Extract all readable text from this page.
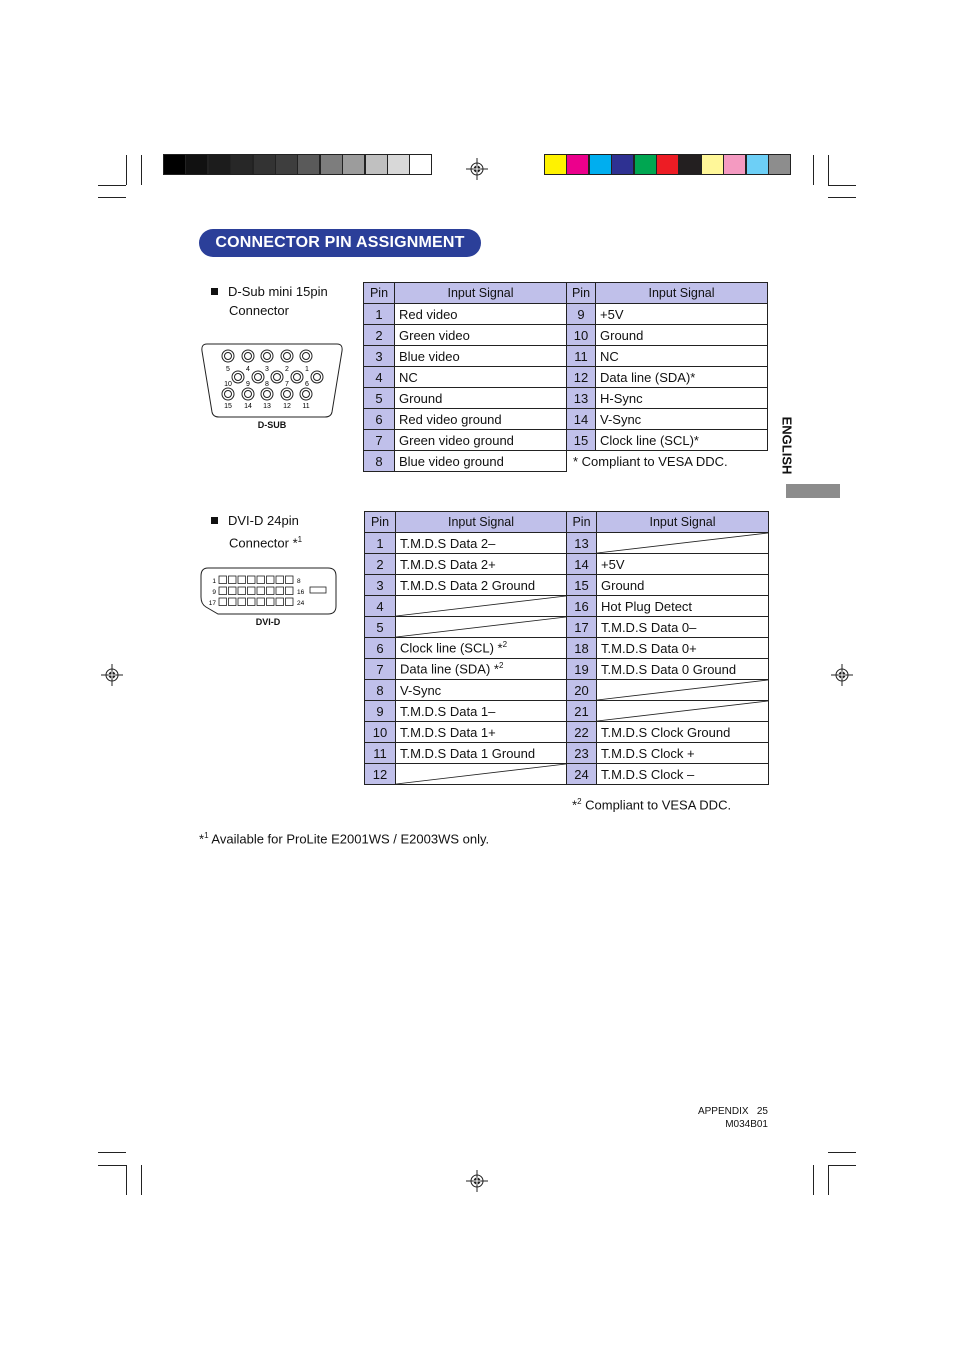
CONNECTOR PIN ASSIGNMENT
ENGLISH
D-Sub mini 15pin
Connector
5 4 3 2 1
10 9 8 7 6
15 14 13 12 11
D-SUB
Pin	Input Signal	Pin	Input Signal
1	Red video	9	+5V
2	Green video	10	Ground
3	Blue video	11	NC
4	NC	12	Data line (SDA)*
5	Ground	13	H-Sync
6	Red video ground	14	V-Sync
7	Green video ground	15	Clock line (SCL)*
8	Blue video ground	* Compliant to VESA DDC.	
DVI-D 24pin
Connector *$^1$
1	8
9	16
17	24
DVI-D
Pin	Input Signal	Pin	Input Signal
1	T.M.D.S Data 2–	13	

2	T.M.D.S Data 2+	14	+5V
3	T.M.D.S Data 2 Ground	15	Ground
4		16	Hot Plug Detect
5		17	T.M.D.S Data 0–
6	Clock line (SCL) *$^2$	18	T.M.D.S Data 0+
7	Data line (SDA) *$^2$	19	T.M.D.S Data 0 Ground
8	V-Sync	20	

9	T.M.D.S Data 1–	21	

10	T.M.D.S Data 1+	22	T.M.D.S Clock Ground
11	T.M.D.S Data 1 Ground	23	T.M.D.S Clock +
12		24	T.M.D.S Clock –
*$^2$ Compliant to VESA DDC.
*$^1$ Available for ProLite E2001WS / E2003WS only.
APPENDIX   25
M034B01
